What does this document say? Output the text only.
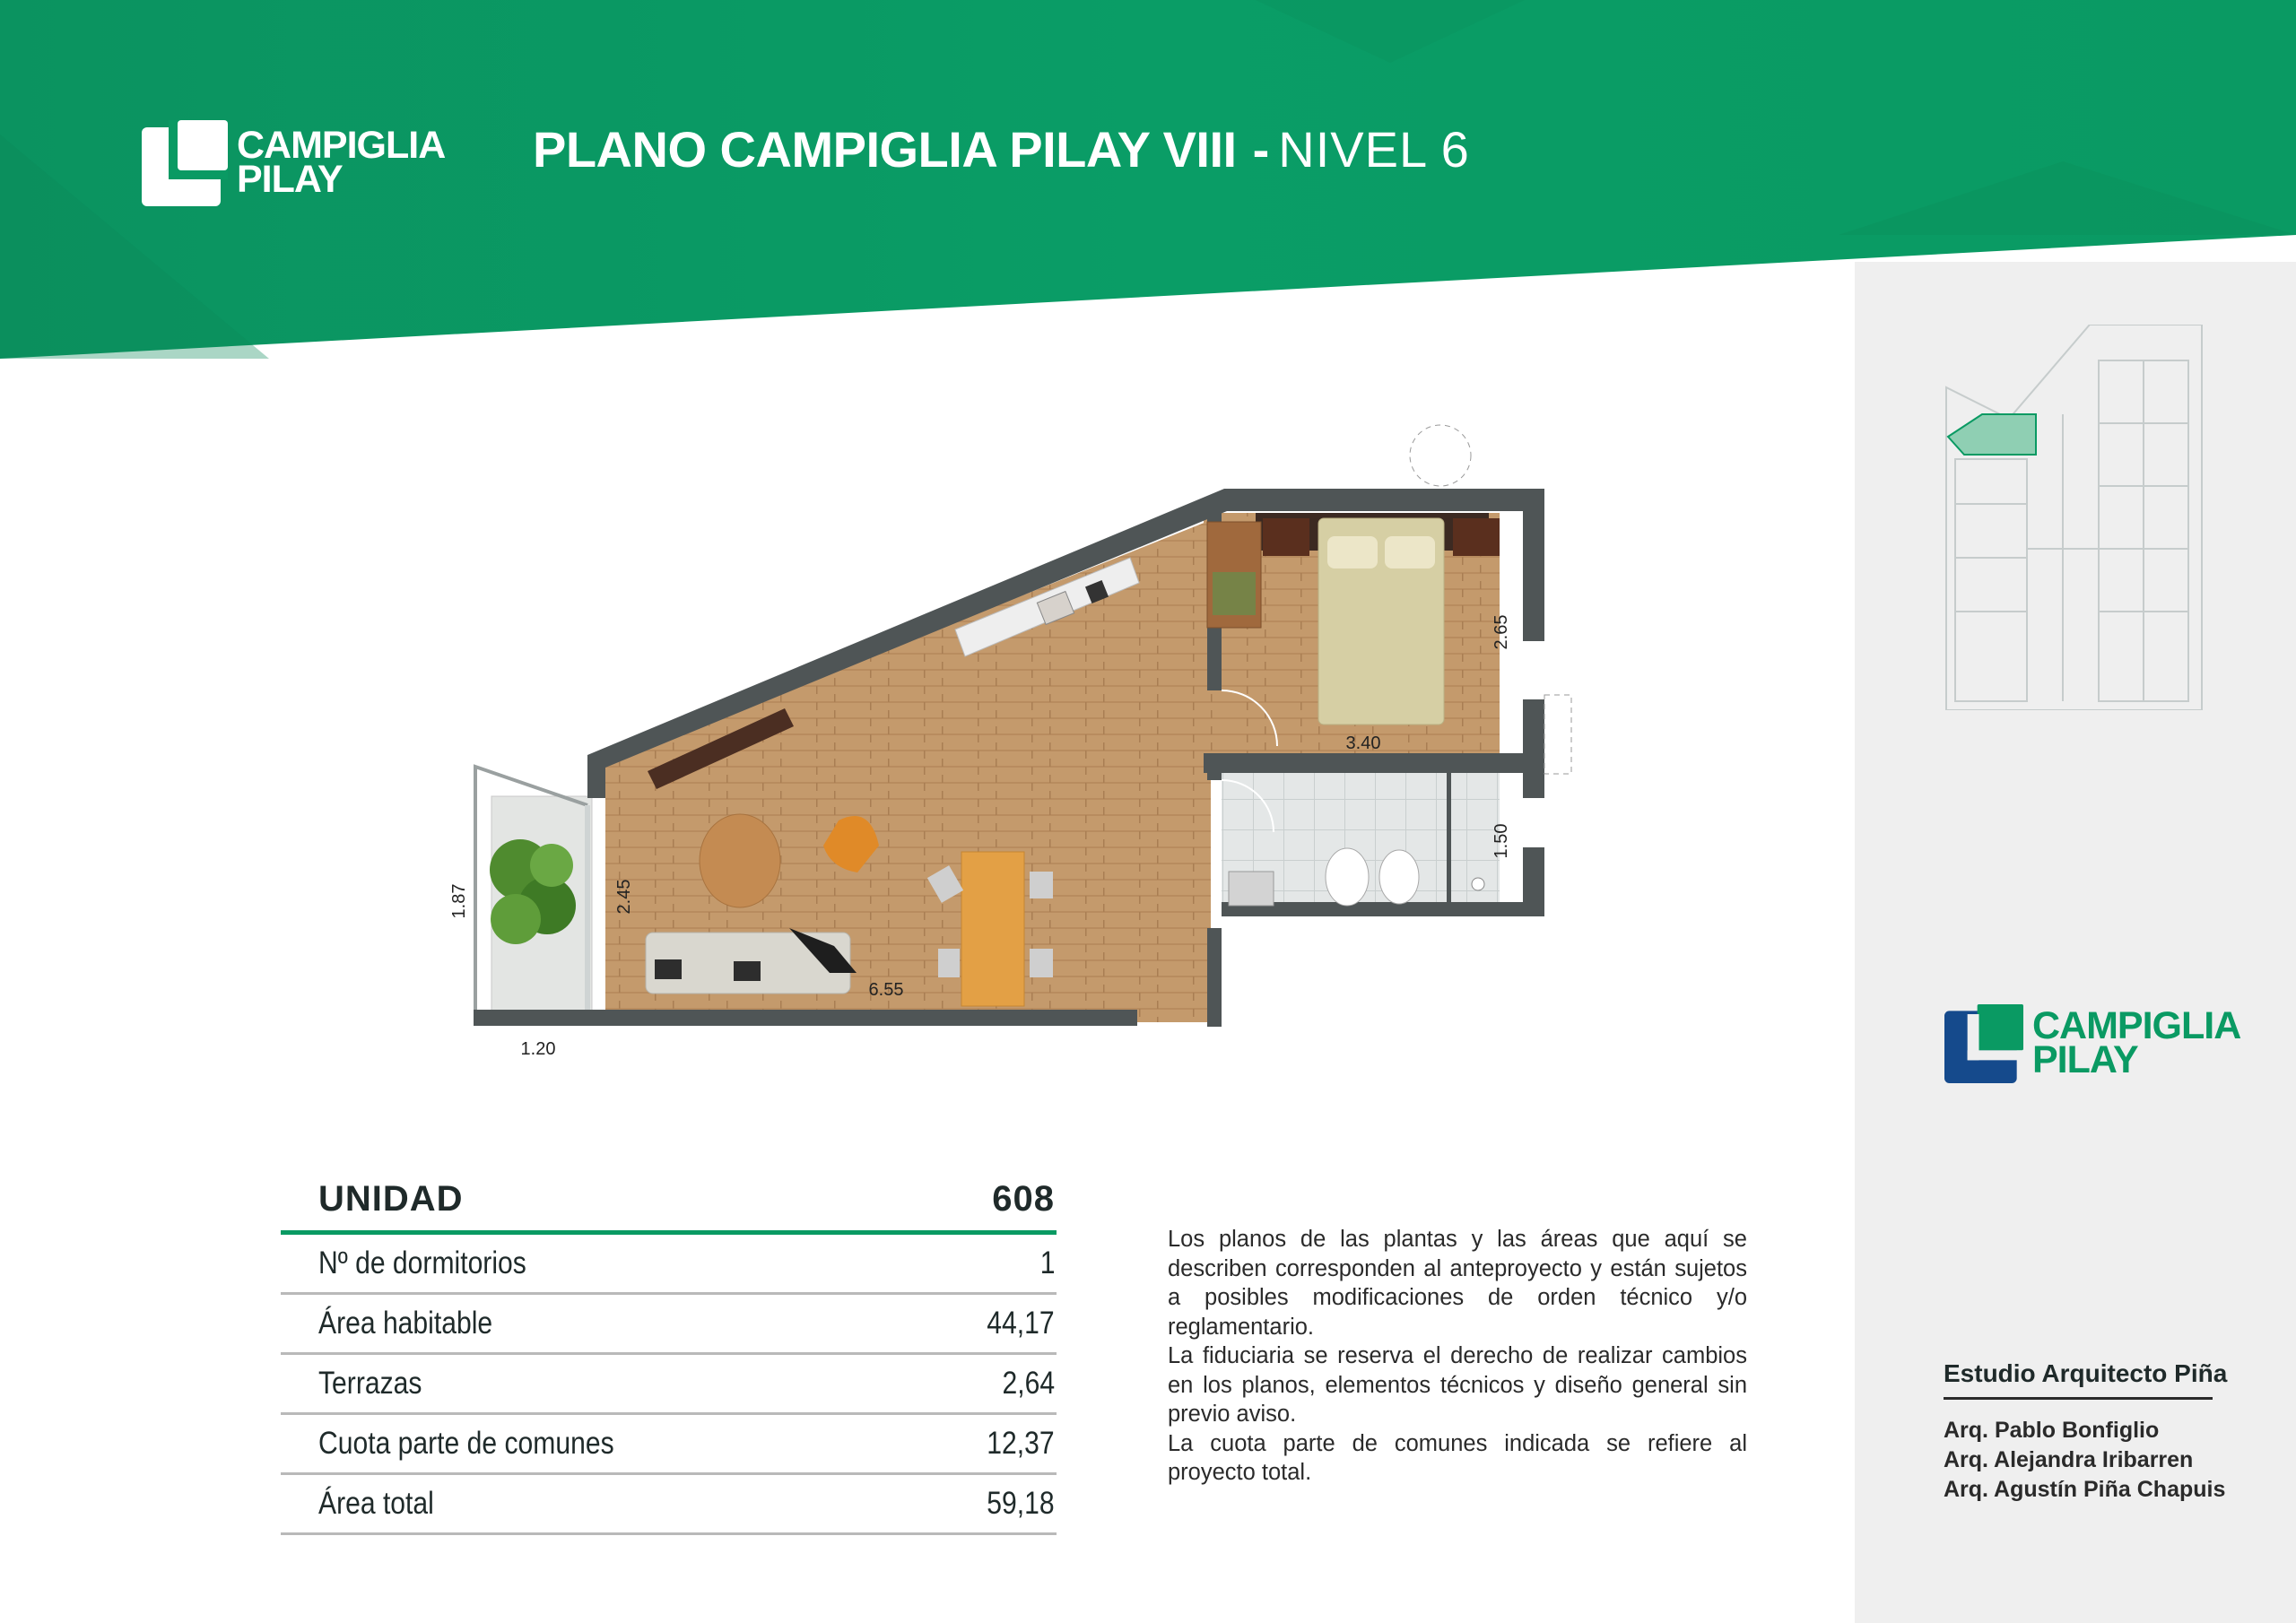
CAMPIGLIA
PILAY
PLANO CAMPIGLIA PILAY VIII - NIVEL 6
3.40
2.65
1.50
2.45
6.55
1.87
1.20
CAMPIGLIA
PILAY
UNIDAD	608
Nº de dormitorios	1
Área habitable	44,17
Terrazas	2,64
Cuota parte de comunes	12,37
Área total	59,18

Los planos de las plantas y las áreas que aquí se describen corresponden al anteproyecto y están sujetos a posibles modificaciones de orden técnico y/o reglamentario.

La fiduciaria se reserva el derecho de realizar cambios en los planos, elementos técnicos y diseño general sin previo aviso.

La cuota parte de comunes indicada se refiere al proyecto total.

Estudio Arquitecto Piña
Arq. Pablo Bonfiglio
Arq. Alejandra Iribarren
Arq. Agustín Piña Chapuis
